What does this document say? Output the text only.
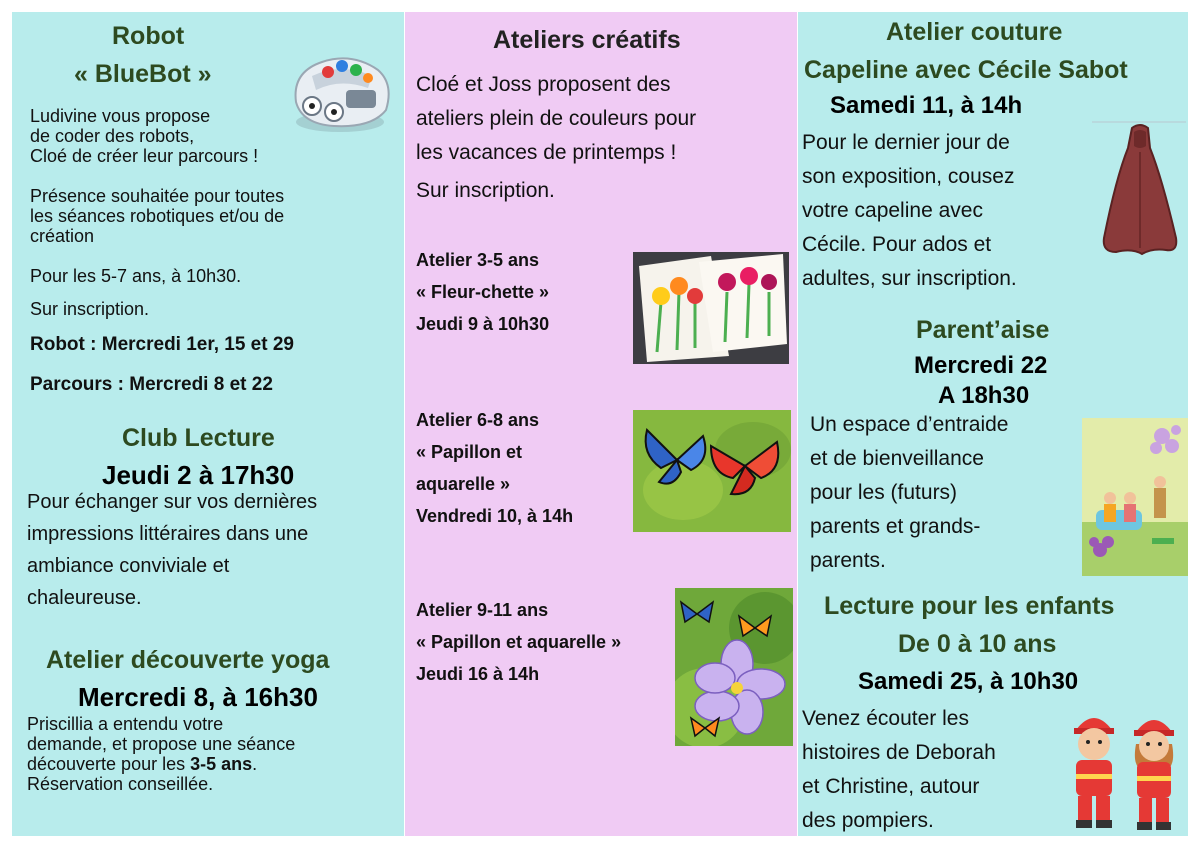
Robot
« BlueBot »
Ludivine vous propose
de coder des robots,
Cloé de créer leur parcours !
Présence souhaitée pour toutes
les séances robotiques et/ou de
création
Pour les 5-7 ans, à 10h30.
Sur inscription.
Robot : Mercredi 1er, 15 et 29
Parcours : Mercredi 8 et 22
Club Lecture
Jeudi 2 à 17h30
Pour échanger sur vos dernières
impressions littéraires dans une
ambiance conviviale et
chaleureuse.
Atelier découverte yoga
Mercredi 8, à 16h30
Priscillia a entendu votre
demande, et propose une séance
découverte pour les 3-5 ans.
Réservation conseillée.
Ateliers créatifs
Cloé et Joss proposent des
ateliers plein de couleurs pour
les vacances de printemps !
Sur inscription.
Atelier 3-5 ans
« Fleur-chette »
Jeudi 9 à 10h30
Atelier 6-8 ans
« Papillon et
aquarelle »
Vendredi 10, à 14h
Atelier 9-11 ans
« Papillon et aquarelle »
Jeudi 16 à 14h
Atelier couture
Capeline avec Cécile Sabot
Samedi 11, à 14h
Pour le dernier jour de
son exposition, cousez
votre capeline avec
Cécile. Pour ados et
adultes, sur inscription.
Parent’aise
Mercredi 22
A 18h30
Un espace d’entraide
et de bienveillance
pour les (futurs)
parents et grands-
parents.
Lecture pour les enfants
De 0 à 10 ans
Samedi 25, à 10h30
Venez écouter les
histoires de Deborah
et Christine, autour
des pompiers.
